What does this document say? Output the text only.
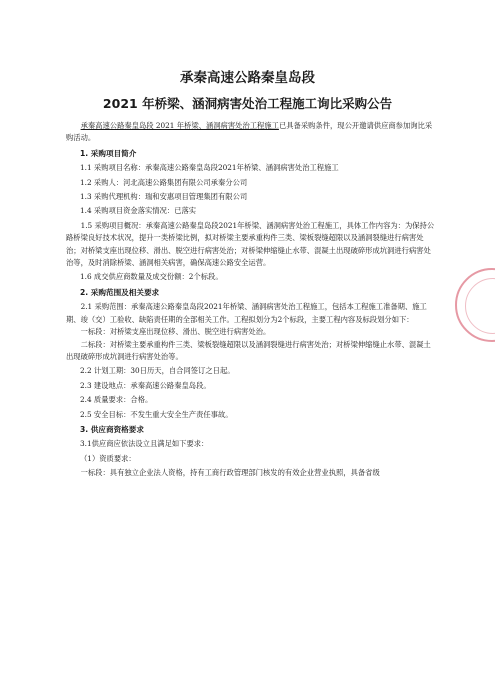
承秦高速公路秦皇岛段
2021 年桥梁、涵洞病害处治工程施工询比采购公告

承秦高速公路秦皇岛段 2021 年桥梁、涵洞病害处治工程施工已具备采购条件，现公开邀请供应商参加询比采购活动。

1. 采购项目简介

1.1 采购项目名称：承秦高速公路秦皇岛段2021年桥梁、涵洞病害处治工程施工

1.2 采购人：河北高速公路集团有限公司承秦分公司

1.3 采购代理机构：瑞和安惠项目管理集团有限公司

1.4 采购项目资金落实情况：已落实

1.5 采购项目概况：承秦高速公路秦皇岛段2021年桥梁、涵洞病害处治工程施工，具体工作内容为：为保持公路桥梁良好技术状况，提升一类桥梁比例，拟对桥梁主要承重构件三类、梁板裂缝超限以及涵洞裂缝进行病害处治；对桥梁支座出现位移、滑出、脱空进行病害处治；对桥梁伸缩缝止水带、混凝土出现破碎形成坑洞进行病害处治等，及时消除桥梁、涵洞相关病害，确保高速公路安全运营。

1.6 成交供应商数量及成交份额：2个标段。

2. 采购范围及相关要求

2.1 采购范围：承秦高速公路秦皇岛段2021年桥梁、涵洞病害处治工程施工，包括本工程施工准备期、施工期、竣（交）工验收、缺陷责任期的全部相关工作。工程拟划分为2个标段，主要工程内容及标段划分如下：

一标段：对桥梁支座出现位移、滑出、脱空进行病害处治。

二标段：对桥梁主要承重构件三类、梁板裂缝超限以及涵洞裂缝进行病害处治；对桥梁伸缩缝止水带、混凝土出现破碎形成坑洞进行病害处治等。

2.2 计划工期：30日历天，自合同签订之日起。

2.3 建设地点：承秦高速公路秦皇岛段。

2.4 质量要求：合格。

2.5 安全目标：不发生重大安全生产责任事故。

3. 供应商资格要求

3.1供应商应依法设立且满足如下要求：

（1）资质要求：

一标段：具有独立企业法人资格，持有工商行政管理部门核发的有效企业营业执照，具备省级
